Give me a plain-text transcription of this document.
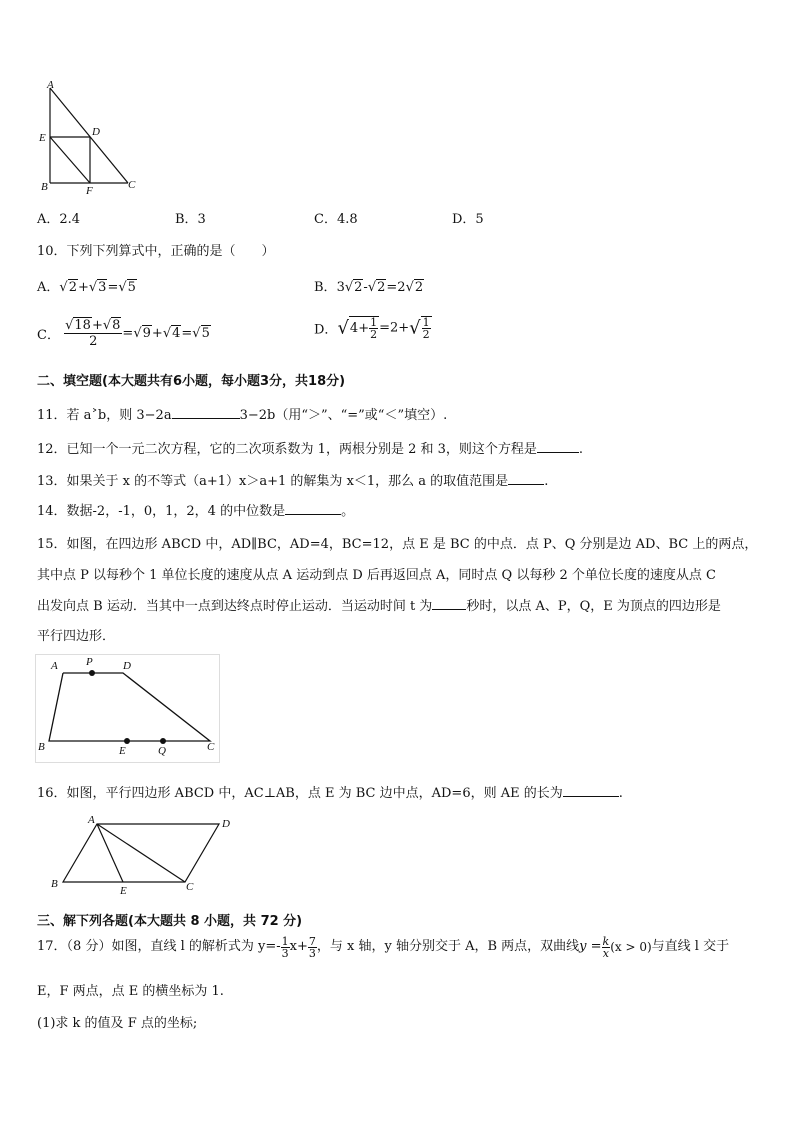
A
E	D
B	F	C
A．2.4	B．3	C．4.8	D．5
10．下列下列算式中，正确的是（　　）
A．√2+√3=√5	B．3√2-√2=2√2
C． $\frac{√18+√8}{2} =√9+√4=√5$	D．$√4+ \frac{1}{2} =2+√ \frac{1}{2}$
二、填空题(本大题共有6小题，每小题3分，共18分)
11．若 a˃b，则 3−2a	3−2b（用“＞”、“=”或“＜”填空）.
12．已知一个一元二次方程，它的二次项系数为 1，两根分别是 2 和 3，则这个方程是	.
13．如果关于 x 的不等式（a+1）x＞a+1 的解集为 x＜1，那么 a 的取值范围是	.
14．数据-2，-1，0，1，2，4 的中位数是	。
15．如图，在四边形 ABCD 中，AD∥BC，AD=4，BC=12，点 E 是 BC 的中点．点 P、Q 分别是边 AD、BC 上的两点，
其中点 P 以每秒个 1 单位长度的速度从点 A 运动到点 D 后再返回点 A，同时点 Q 以每秒 2 个单位长度的速度从点 C
出发向点 B 运动．当其中一点到达终点时停止运动．当运动时间 t 为	秒时，以点 A、P，Q，E 为顶点的四边形是
平行四边形．
A	P	D
B	E	Q	C
16．如图，平行四边形 ABCD 中，AC⊥AB，点 E 为 BC 边中点，AD=6，则 AE 的长为	.
A	D
B
E	C
三、解下列各题(本大题共 8 小题，共 72 分)
17．（8 分）如图，直线 l 的解析式为 $y=- \frac{1}{3} x+ \frac{7}{3}$ ，与 x 轴，y 轴分别交于 A，B 两点，双曲线$y = \frac{k}{x} (x > 0)$与直线 l 交于
E，F 两点，点 E 的横坐标为 1.
(1)求 k 的值及 F 点的坐标;
